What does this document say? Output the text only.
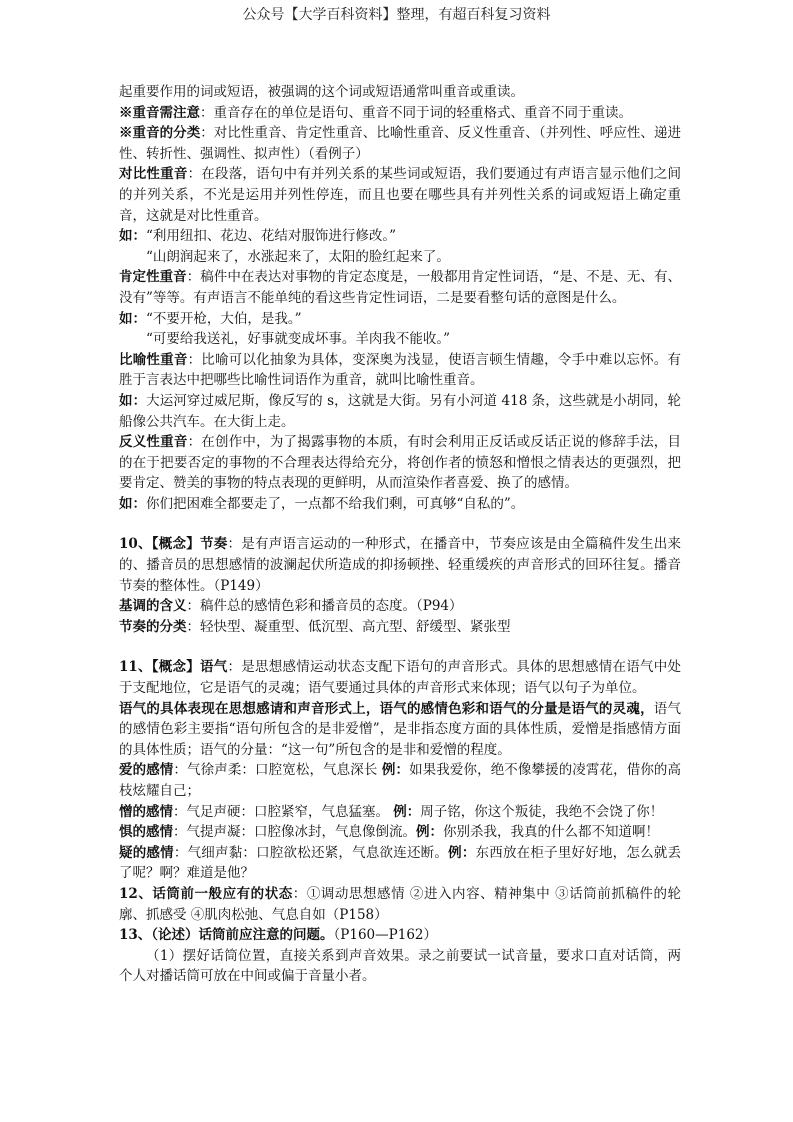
公众号【大学百科资料】整理，有超百科复习资料

起重要作用的词或短语，被强调的这个词或短语通常叫重音或重读。

※重音需注意：重音存在的单位是语句、重音不同于词的轻重格式、重音不同于重读。

※重音的分类：对比性重音、肯定性重音、比喻性重音、反义性重音、（并列性、呼应性、递进性、转折性、强调性、拟声性）（看例子）

对比性重音：在段落，语句中有并列关系的某些词或短语，我们要通过有声语言显示他们之间的并列关系，不光是运用并列性停连，而且也要在哪些具有并列性关系的词或短语上确定重音，这就是对比性重音。

如：“利用纽扣、花边、花结对服饰进行修改。”

“山朗润起来了，水涨起来了，太阳的脸红起来了。

肯定性重音：稿件中在表达对事物的肯定态度是，一般都用肯定性词语，“是、不是、无、有、没有”等等。有声语言不能单纯的看这些肯定性词语，二是要看整句话的意图是什么。

如：“不要开枪，大伯，是我。”

“可要给我送礼，好事就变成坏事。羊肉我不能收。”

比喻性重音：比喻可以化抽象为具体，变深奥为浅显，使语言顿生情趣，令手中难以忘怀。有胜于言表达中把哪些比喻性词语作为重音，就叫比喻性重音。

如：大运河穿过威尼斯，像反写的 s，这就是大街。另有小河道 418 条，这些就是小胡同，轮船像公共汽车。在大街上走。

反义性重音：在创作中，为了揭露事物的本质，有时会利用正反话或反话正说的修辞手法，目的在于把要否定的事物的不合理表达得给充分，将创作者的愤怒和憎恨之情表达的更强烈，把要肯定、赞美的事物的特点表现的更鲜明，从而渲染作者喜爱、换了的感情。

如：你们把困难全都要走了，一点都不给我们剩，可真够“自私的”。

10、【概念】节奏：是有声语言运动的一种形式，在播音中，节奏应该是由全篇稿件发生出来的、播音员的思想感情的波澜起伏所造成的抑扬顿挫、轻重缓疾的声音形式的回环往复。播音节奏的整体性。（P149）

基调的含义：稿件总的感情色彩和播音员的态度。（P94）

节奏的分类：轻快型、凝重型、低沉型、高亢型、舒缓型、紧张型

11、【概念】语气：是思想感情运动状态支配下语句的声音形式。具体的思想感情在语气中处于支配地位，它是语气的灵魂；语气要通过具体的声音形式来体现；语气以句子为单位。

语气的具体表现在思想感请和声音形式上，语气的感情色彩和语气的分量是语气的灵魂，语气的感情色彩主要指“语句所包含的是非爱憎”，是非指态度方面的具体性质，爱憎是指感情方面的具体性质；语气的分量：“这一句”所包含的是非和爱憎的程度。

爱的感情：气徐声柔：口腔宽松，气息深长 例：如果我爱你，绝不像攀援的凌霄花，借你的高枝炫耀自己；

憎的感情：气足声硬：口腔紧窄，气息猛塞。 例：周子铭，你这个叛徒，我绝不会饶了你！

惧的感情：气提声凝：口腔像冰封，气息像倒流。例：你别杀我，我真的什么都不知道啊！

疑的感情：气细声黏：口腔欲松还紧，气息欲连还断。例：东西放在柜子里好好地，怎么就丢了呢？啊？难道是他？

12、话筒前一般应有的状态：①调动思想感情 ②进入内容、精神集中 ③话筒前抓稿件的轮廓、抓感受 ④肌肉松弛、气息自如（P158）

13、（论述）话筒前应注意的问题。（P160—P162）

（1）摆好话筒位置，直接关系到声音效果。录之前要试一试音量，要求口直对话筒，两个人对播话筒可放在中间或偏于音量小者。
